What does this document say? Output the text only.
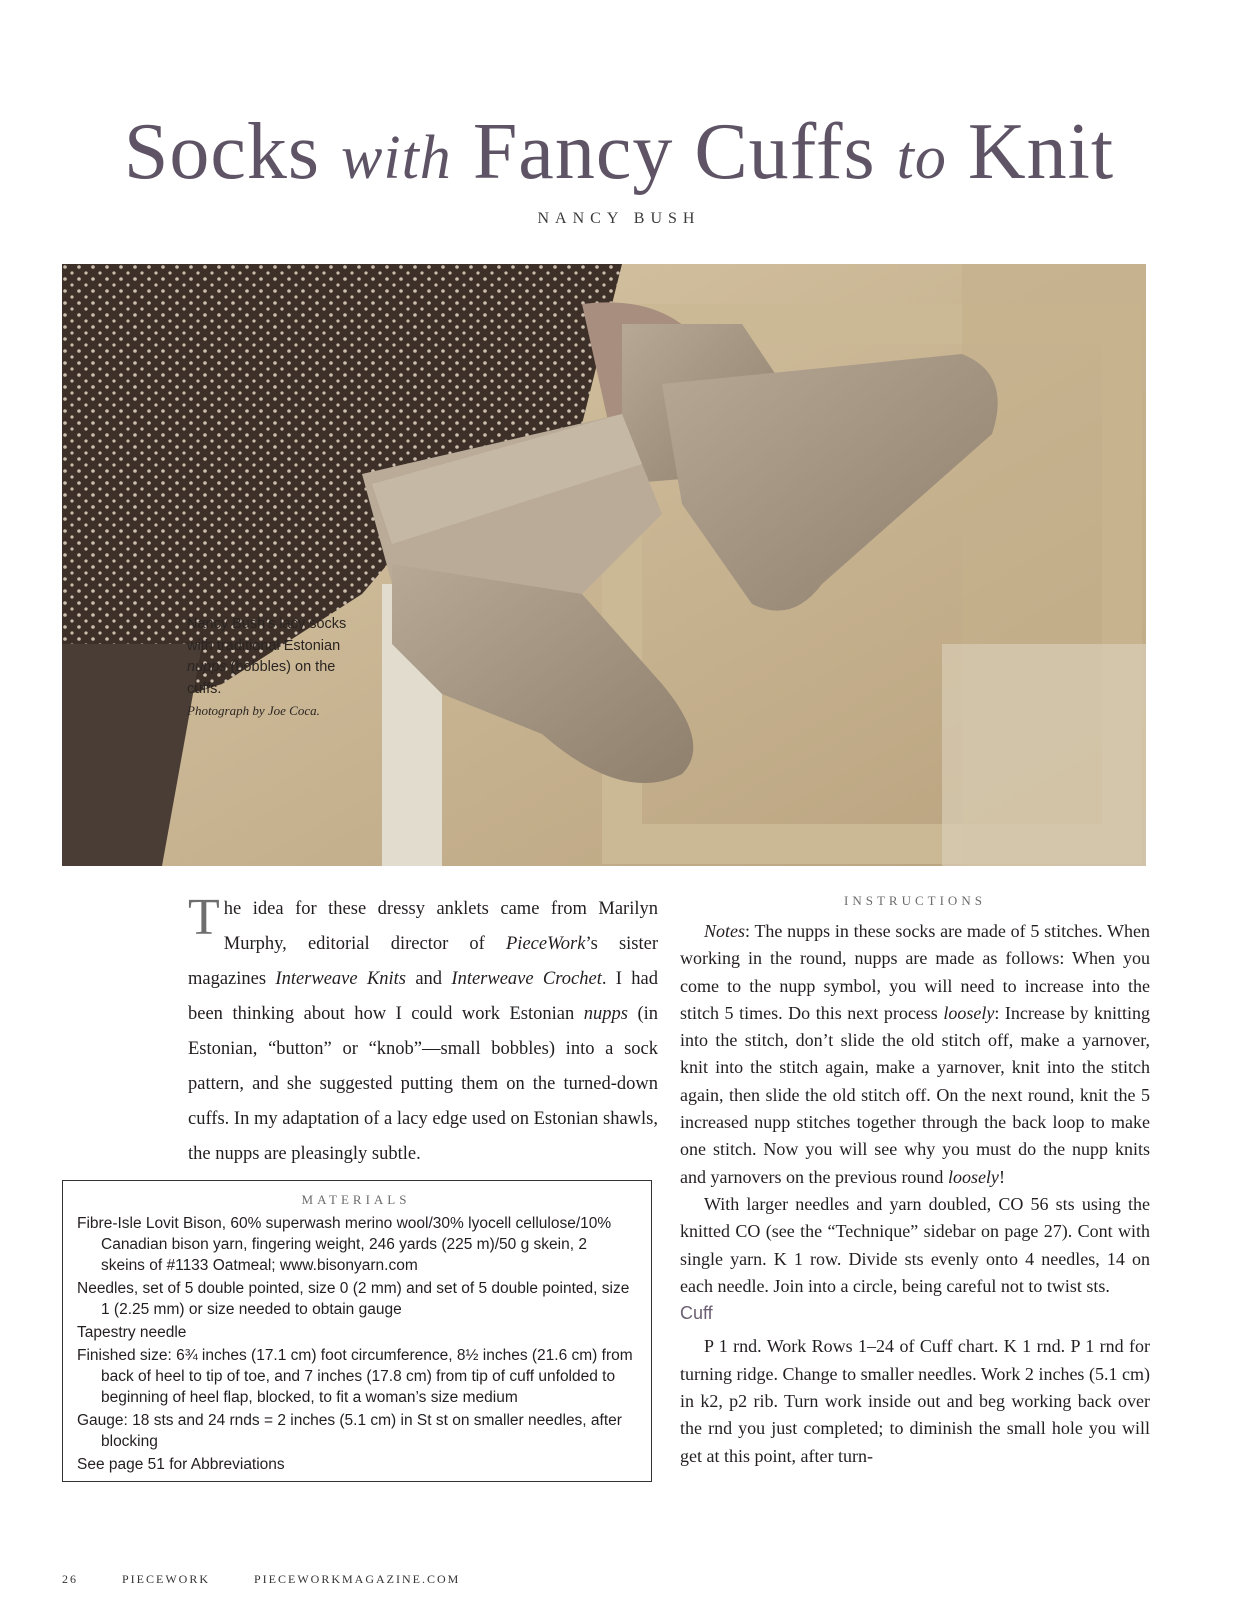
Socks with Fancy Cuffs to Knit
NANCY BUSH
Nancy Bush’s lacy socks with traditional Estonian nupps (bobbles) on the cuffs.
Photograph by Joe Coca.
The idea for these dressy anklets came from Marilyn Murphy, editorial director of PieceWork’s sister magazines Interweave Knits and Interweave Crochet. I had been thinking about how I could work Estonian nupps (in Estonian, “button” or “knob”—small bobbles) into a sock pattern, and she suggested putting them on the turned-down cuffs. In my adaptation of a lacy edge used on Estonian shawls, the nupps are pleasingly subtle.
MATERIALS
Fibre-Isle Lovit Bison, 60% superwash merino wool/30% lyocell cellulose/10% Canadian bison yarn, fingering weight, 246 yards (225 m)/50 g skein, 2 skeins of #1133 Oatmeal; www.bisonyarn.com
Needles, set of 5 double pointed, size 0 (2 mm) and set of 5 double pointed, size 1 (2.25 mm) or size needed to obtain gauge
Tapestry needle
Finished size: 6¾ inches (17.1 cm) foot circumference, 8½ inches (21.6 cm) from back of heel to tip of toe, and 7 inches (17.8 cm) from tip of cuff unfolded to beginning of heel flap, blocked, to fit a woman’s size medium
Gauge: 18 sts and 24 rnds = 2 inches (5.1 cm) in St st on smaller needles, after blocking
See page 51 for Abbreviations
INSTRUCTIONS

Notes: The nupps in these socks are made of 5 stitches. When working in the round, nupps are made as follows: When you come to the nupp symbol, you will need to increase into the stitch 5 times. Do this next process loosely: Increase by knitting into the stitch, don’t slide the old stitch off, make a yarnover, knit into the stitch again, make a yarnover, knit into the stitch again, then slide the old stitch off. On the next round, knit the 5 increased nupp stitches together through the back loop to make one stitch. Now you will see why you must do the nupp knits and yarnovers on the previous round loosely!

With larger needles and yarn doubled, CO 56 sts using the knitted CO (see the “Technique” sidebar on page 27). Cont with single yarn. K 1 row. Divide sts evenly onto 4 needles, 14 on each needle. Join into a circle, being careful not to twist sts.

Cuff

P 1 rnd. Work Rows 1–24 of Cuff chart. K 1 rnd. P 1 rnd for turning ridge. Change to smaller needles. Work 2 inches (5.1 cm) in k2, p2 rib. Turn work inside out and beg working back over the rnd you just completed; to diminish the small hole you will get at this point, after turn-

26	PIECEWORK	PIECEWORKMAGAZINE.COM
